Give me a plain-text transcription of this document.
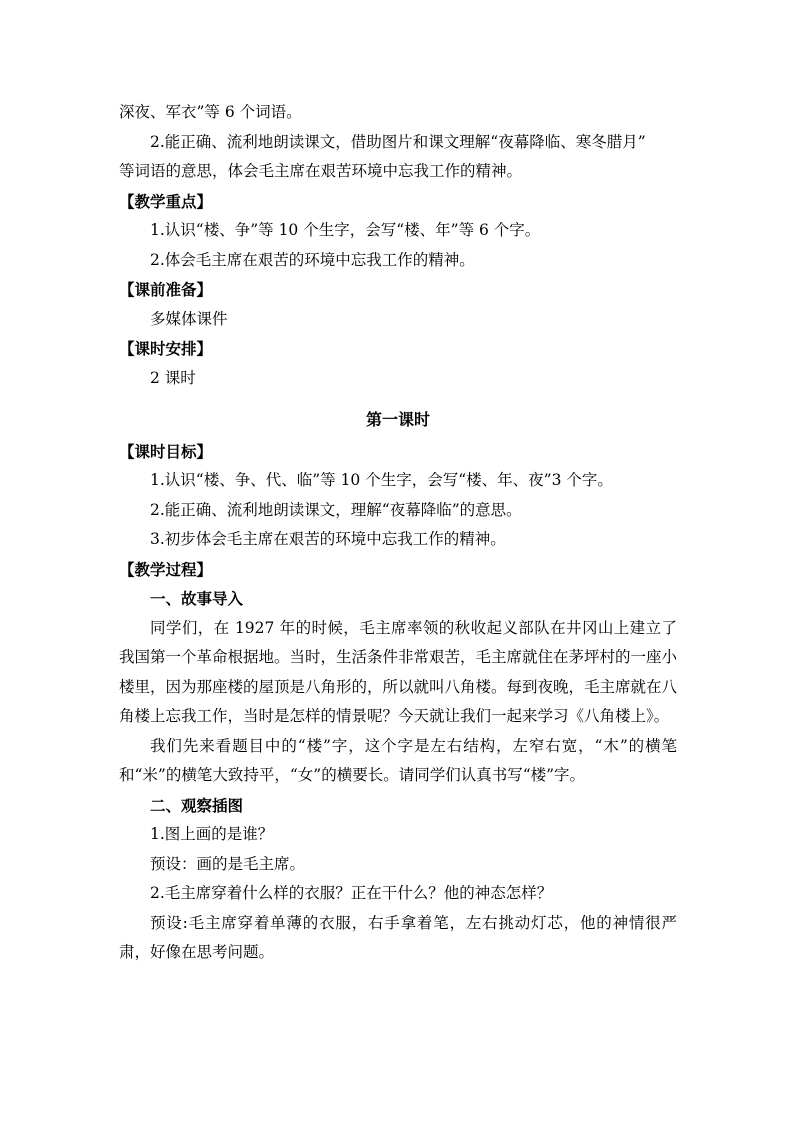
深夜、军衣”等 6 个词语。
2.能正确、流利地朗读课文，借助图片和课文理解“夜幕降临、寒冬腊月”
等词语的意思，体会毛主席在艰苦环境中忘我工作的精神。
【教学重点】
1.认识“楼、争”等 10 个生字，会写“楼、年”等 6 个字。
2.体会毛主席在艰苦的环境中忘我工作的精神。
【课前准备】
多媒体课件
【课时安排】
2 课时
第一课时
【课时目标】
1.认识“楼、争、代、临”等 10 个生字，会写“楼、年、夜”3 个字。
2.能正确、流利地朗读课文，理解“夜幕降临”的意思。
3.初步体会毛主席在艰苦的环境中忘我工作的精神。
【教学过程】
一、故事导入
同学们，在 1927 年的时候，毛主席率领的秋收起义部队在井冈山上建立了我国第一个革命根据地。当时，生活条件非常艰苦，毛主席就住在茅坪村的一座小楼里，因为那座楼的屋顶是八角形的，所以就叫八角楼。每到夜晚，毛主席就在八角楼上忘我工作，当时是怎样的情景呢？今天就让我们一起来学习《八角楼上》。
我们先来看题目中的“楼”字，这个字是左右结构，左窄右宽，“木”的横笔和“米”的横笔大致持平，“女”的横要长。请同学们认真书写“楼”字。
二、观察插图
1.图上画的是谁？
预设：画的是毛主席。
2.毛主席穿着什么样的衣服？正在干什么？他的神态怎样？
预设:毛主席穿着单薄的衣服，右手拿着笔，左右挑动灯芯，他的神情很严肃，好像在思考问题。
